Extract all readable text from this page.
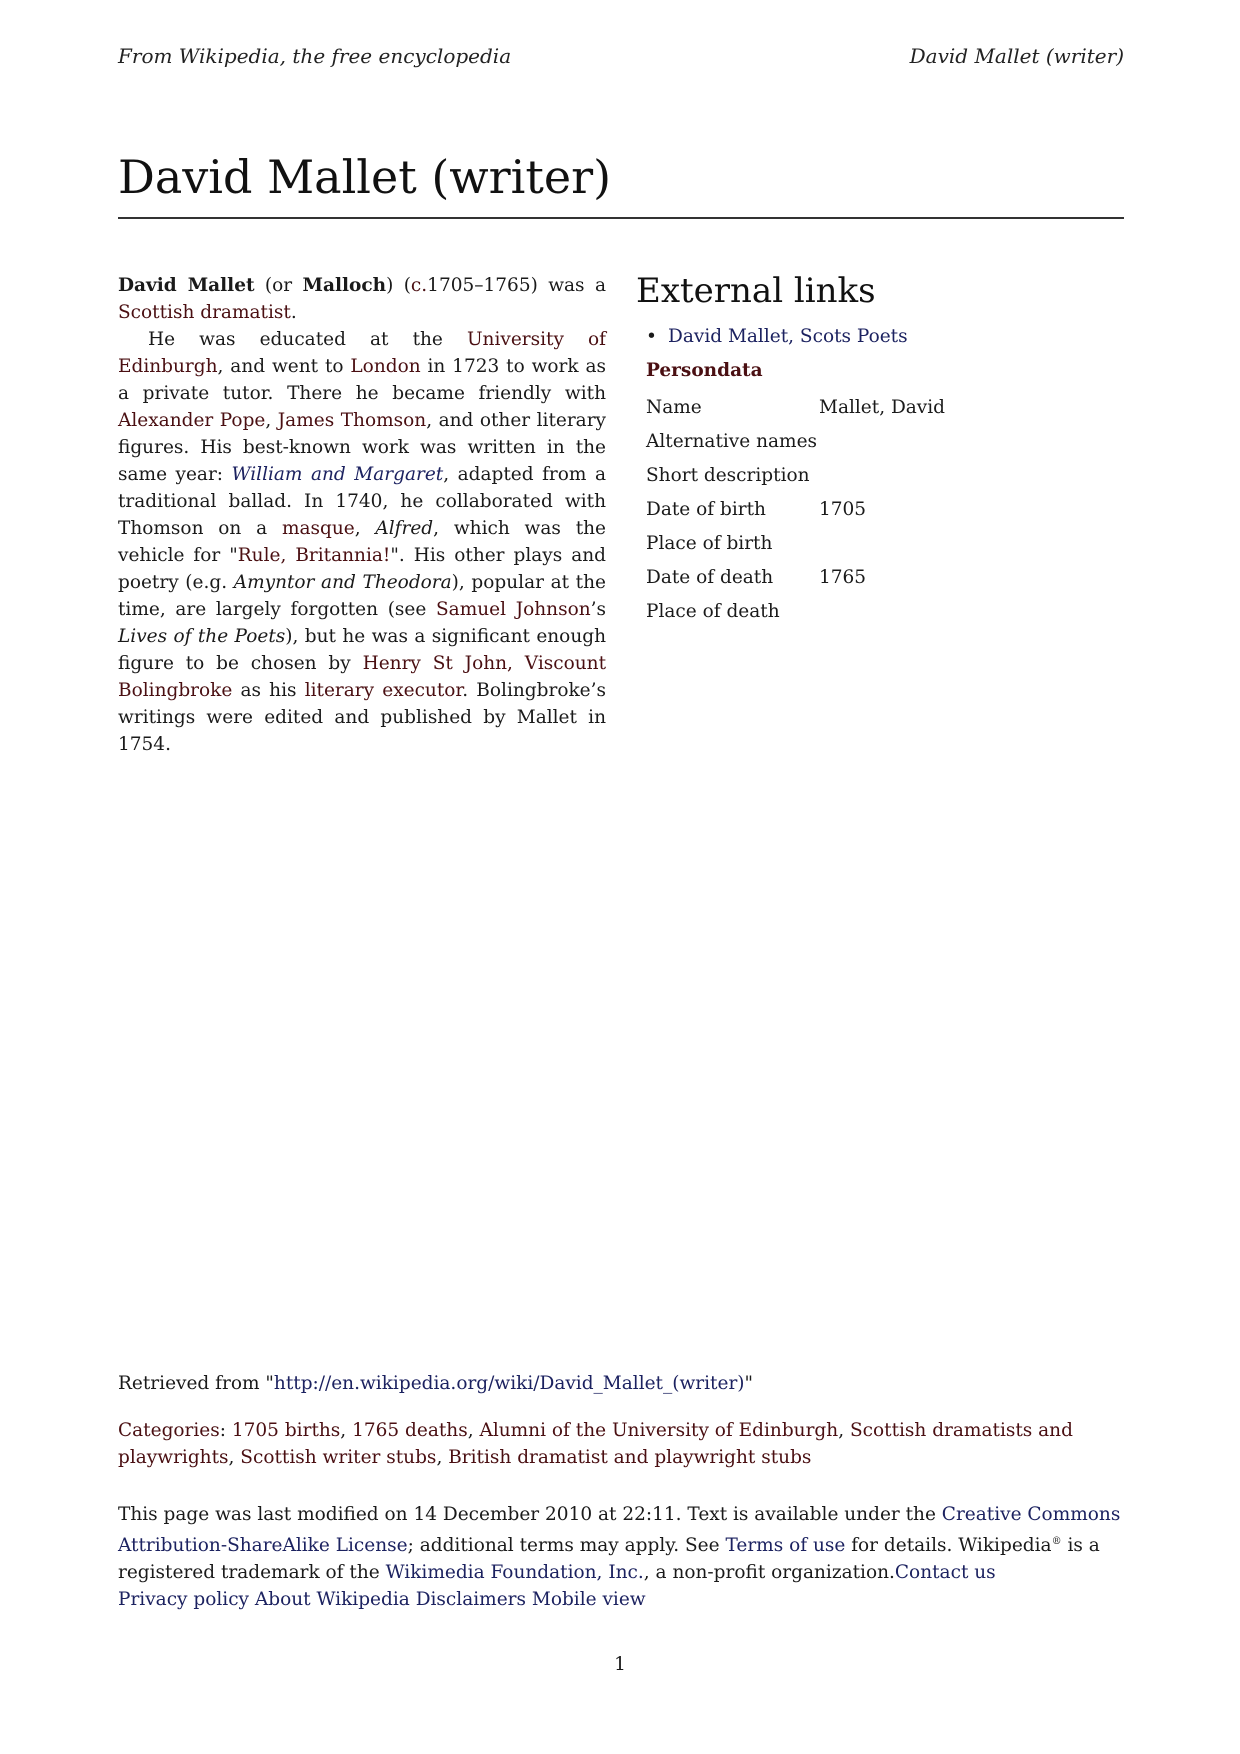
From Wikipedia, the free encyclopedia	David Mallet (writer)
David Mallet (writer)

David Mallet (or Malloch) (c.1705–1765) was a Scottish dramatist.

He was educated at the University of Edinburgh, and went to London in 1723 to work as a private tutor. There he became friendly with Alexander Pope, James Thomson, and other literary figures. His best-known work was written in the same year: William and Margaret, adapted from a traditional ballad. In 1740, he collaborated with Thomson on a masque, Alfred, which was the vehicle for "Rule, Britannia!". His other plays and poetry (e.g. Amyntor and Theodora), popular at the time, are largely forgotten (see Samuel Johnson’s Lives of the Poets), but he was a significant enough figure to be chosen by Henry St John, Viscount Bolingbroke as his literary executor. Bolingbroke’s writings were edited and published by Mallet in 1754.

External links
• David Mallet, Scots Poets
Persondata
Name	Mallet, David
Alternative names	
Short description	
Date of birth	1705
Place of birth	
Date of death	1765
Place of death	

Retrieved from "http://en.wikipedia.org/wiki/David_Mallet_(writer)"

Categories: 1705 births, 1765 deaths, Alumni of the University of Edinburgh, Scottish dramatists and playwrights, Scottish writer stubs, British dramatist and playwright stubs

This page was last modified on 14 December 2010 at 22:11. Text is available under the Creative Commons Attribution-ShareAlike License; additional terms may apply. See Terms of use for details. Wikipedia® is a registered trademark of the Wikimedia Foundation, Inc., a non-profit organization.Contact us
Privacy policy About Wikipedia Disclaimers Mobile view

1
